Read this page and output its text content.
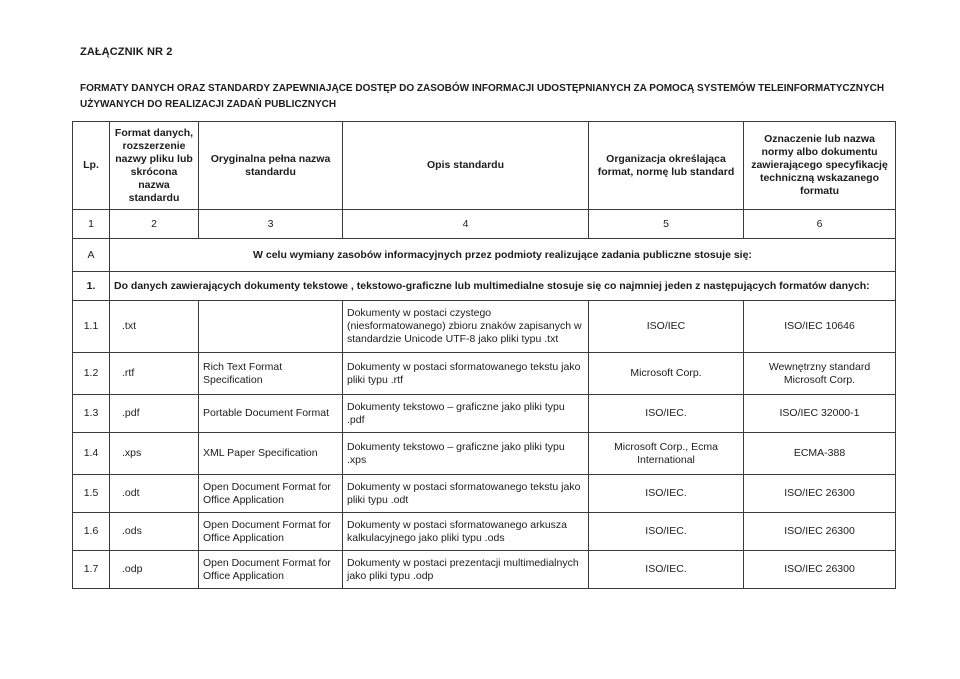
ZAŁĄCZNIK NR 2
FORMATY DANYCH ORAZ STANDARDY ZAPEWNIAJĄCE DOSTĘP DO ZASOBÓW INFORMACJI UDOSTĘPNIANYCH ZA POMOCĄ SYSTEMÓW TELEINFORMATYCZNYCH UŻYWANYCH DO REALIZACJI ZADAŃ PUBLICZNYCH
Lp.	Format danych, rozszerzenie nazwy pliku lub skrócona nazwa standardu	Oryginalna pełna nazwa standardu	Opis standardu	Organizacja określająca format, normę lub standard	Oznaczenie lub nazwa normy albo dokumentu zawierającego specyfikację techniczną wskazanego formatu
1	2	3	4	5	6
A	W celu wymiany zasobów informacyjnych przez podmioty realizujące zadania publiczne stosuje się:				
1.	Do danych zawierających dokumenty tekstowe , tekstowo-graficzne lub multimedialne stosuje się co najmniej jeden z następujących formatów danych:				
1.1	.txt		Dokumenty w postaci czystego (niesformatowanego) zbioru znaków zapisanych w standardzie Unicode UTF-8 jako pliki typu .txt	ISO/IEC	ISO/IEC 10646
1.2	.rtf	Rich Text Format Specification	Dokumenty w postaci sformatowanego tekstu jako pliki typu .rtf	Microsoft Corp.	Wewnętrzny standard Microsoft Corp.
1.3	.pdf	Portable Document Format	Dokumenty tekstowo – graficzne jako pliki typu .pdf	ISO/IEC.	ISO/IEC 32000-1
1.4	.xps	XML Paper Specification	Dokumenty tekstowo – graficzne jako pliki typu .xps	Microsoft Corp., Ecma International	ECMA-388
1.5	.odt	Open Document Format for Office Application	Dokumenty w postaci sformatowanego tekstu jako pliki typu .odt	ISO/IEC.	ISO/IEC 26300
1.6	.ods	Open Document Format for Office Application	Dokumenty w postaci sformatowanego arkusza kalkulacyjnego jako pliki typu .ods	ISO/IEC.	ISO/IEC 26300
1.7	.odp	Open Document Format for Office Application	Dokumenty w postaci prezentacji multimedialnych jako pliki typu .odp	ISO/IEC.	ISO/IEC 26300
